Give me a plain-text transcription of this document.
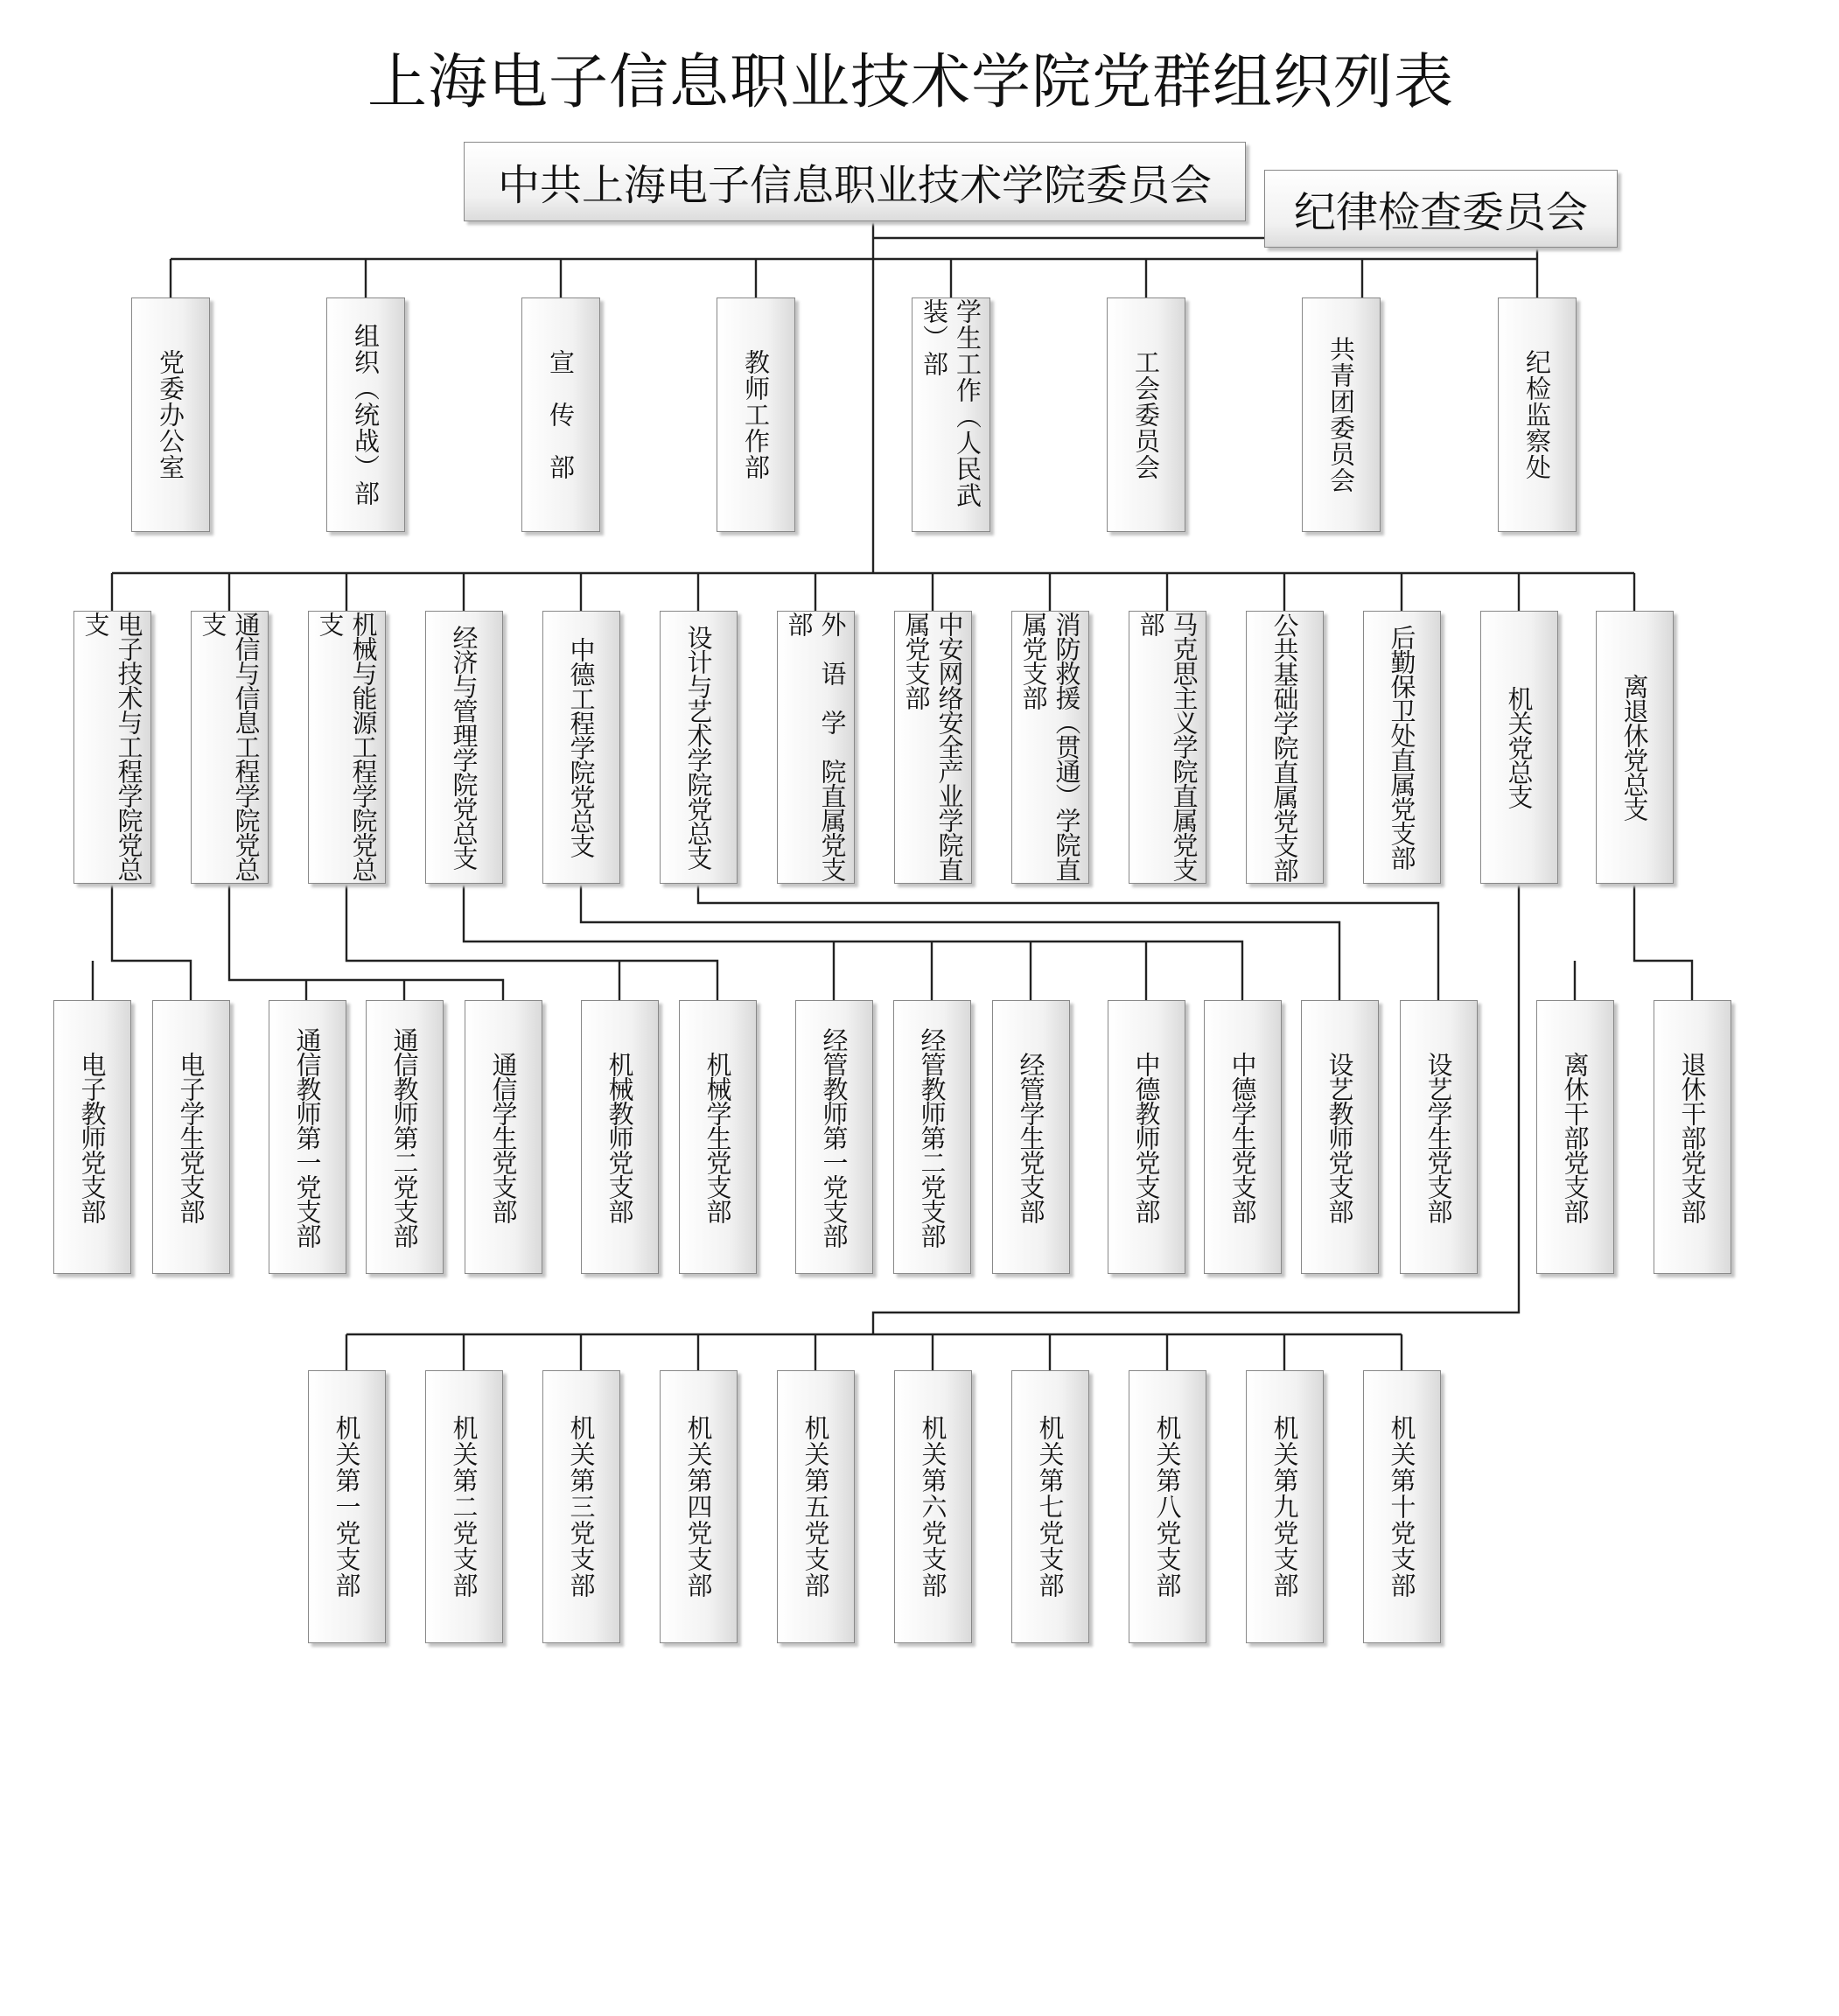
上海电子信息职业技术学院党群组织列表
中共上海电子信息职业技术学院委员会
纪律检查委员会
党委办公室	组织（统战）部	宣　传　部	教师工作部	学生工作（人民武装）部
工会委员会	共青团委员会	纪检监察处
电子技术与工程学院党总支	通信与信息工程学院党总支	机械与能源工程学院党总支
经济与管理学院党总支	中德工程学院党总支	设计与艺术学院党总支	外　语　学　院直属党支部	中安网络安全产业学院直属党支部	消防救援（贯通）学院直属党支部	马克思主义学院直属党支部	公共基础学院直属党支部	后勤保卫处直属党支部	机关党总支	离退休党总支
电子教师党支部	电子学生党支部	通信教师第一党支部	通信教师第二党支部	通信学生党支部	机械教师党支部	机械学生党支部	经管教师第一党支部	经管教师第二党支部	经管学生党支部	中德教师党支部	中德学生党支部	设艺教师党支部	设艺学生党支部	离休干部党支部	退休干部党支部
机关第一党支部	机关第二党支部	机关第三党支部	机关第四党支部	机关第五党支部	机关第六党支部	机关第七党支部	机关第八党支部	机关第九党支部	机关第十党支部
